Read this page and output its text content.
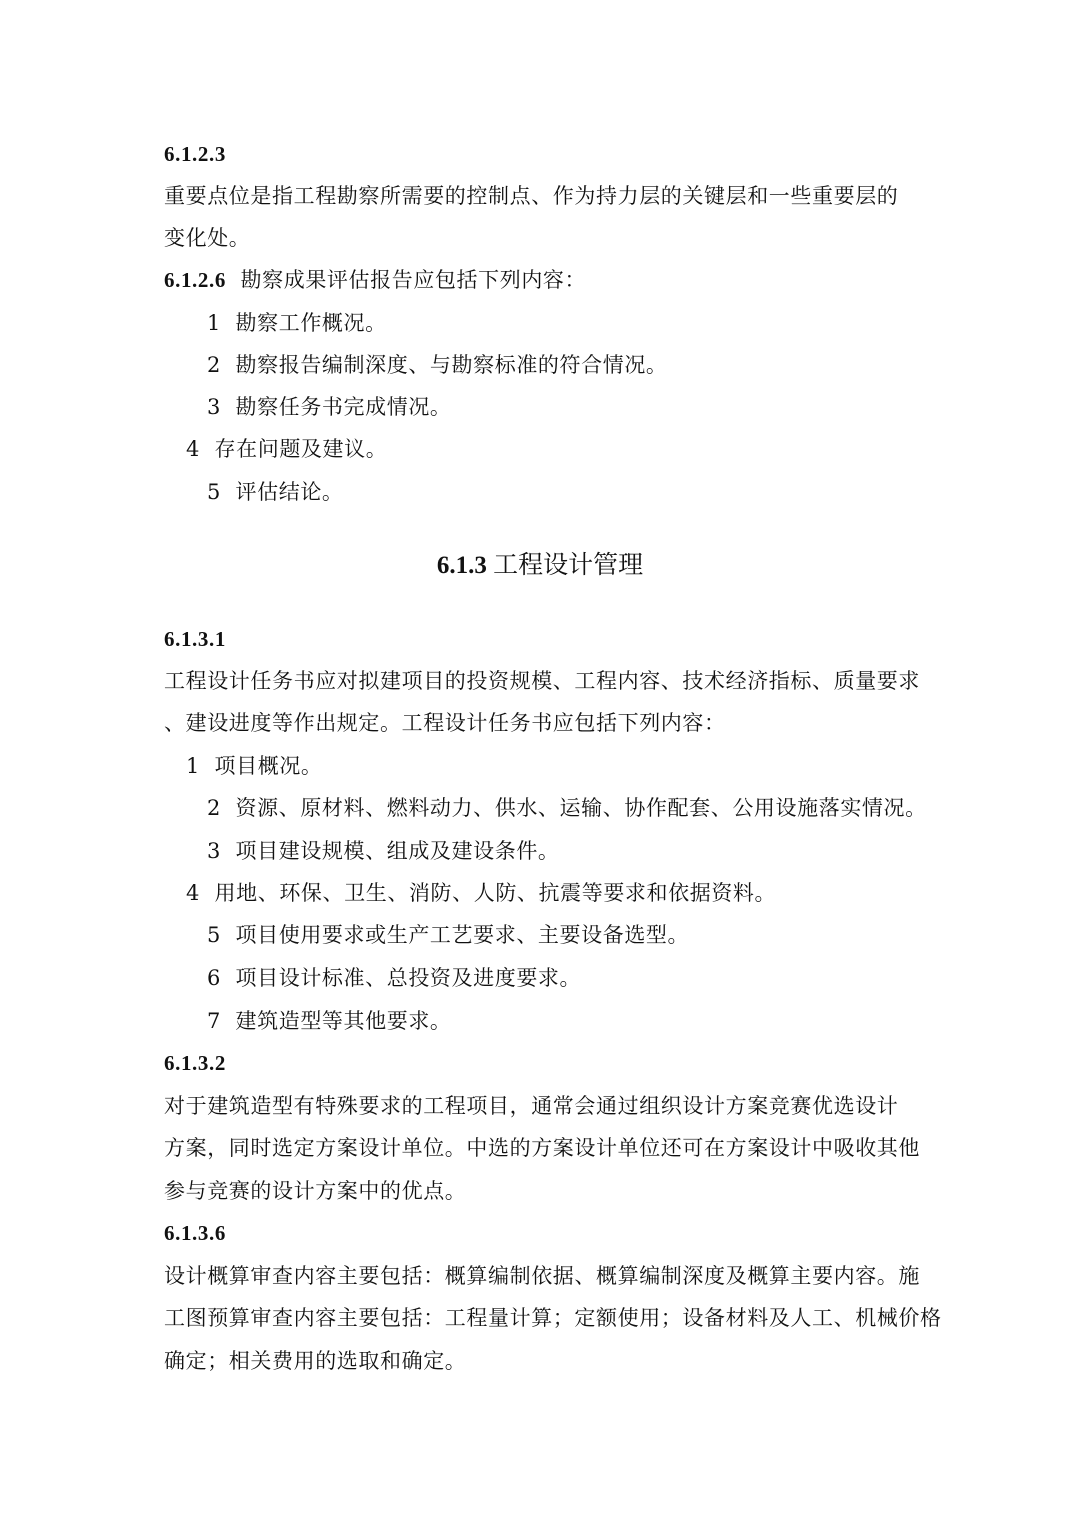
6.1.2.3
重要点位是指工程勘察所需要的控制点、作为持力层的关键层和一些重要层的
变化处。
6.1.2.6 勘察成果评估报告应包括下列内容：
1 勘察工作概况。
2 勘察报告编制深度、与勘察标准的符合情况。
3 勘察任务书完成情况。
4 存在问题及建议。
5 评估结论。
6.1.3 工程设计管理
6.1.3.1
工程设计任务书应对拟建项目的投资规模、工程内容、技术经济指标、质量要求
、建设进度等作出规定。工程设计任务书应包括下列内容：
1 项目概况。
2 资源、原材料、燃料动力、供水、运输、协作配套、公用设施落实情况。
3 项目建设规模、组成及建设条件。
4 用地、环保、卫生、消防、人防、抗震等要求和依据资料。
5 项目使用要求或生产工艺要求、主要设备选型。
6 项目设计标准、总投资及进度要求。
7 建筑造型等其他要求。
6.1.3.2
对于建筑造型有特殊要求的工程项目，通常会通过组织设计方案竞赛优选设计
方案，同时选定方案设计单位。中选的方案设计单位还可在方案设计中吸收其他
参与竞赛的设计方案中的优点。
6.1.3.6
设计概算审查内容主要包括：概算编制依据、概算编制深度及概算主要内容。施
工图预算审查内容主要包括：工程量计算；定额使用；设备材料及人工、机械价格
确定；相关费用的选取和确定。
